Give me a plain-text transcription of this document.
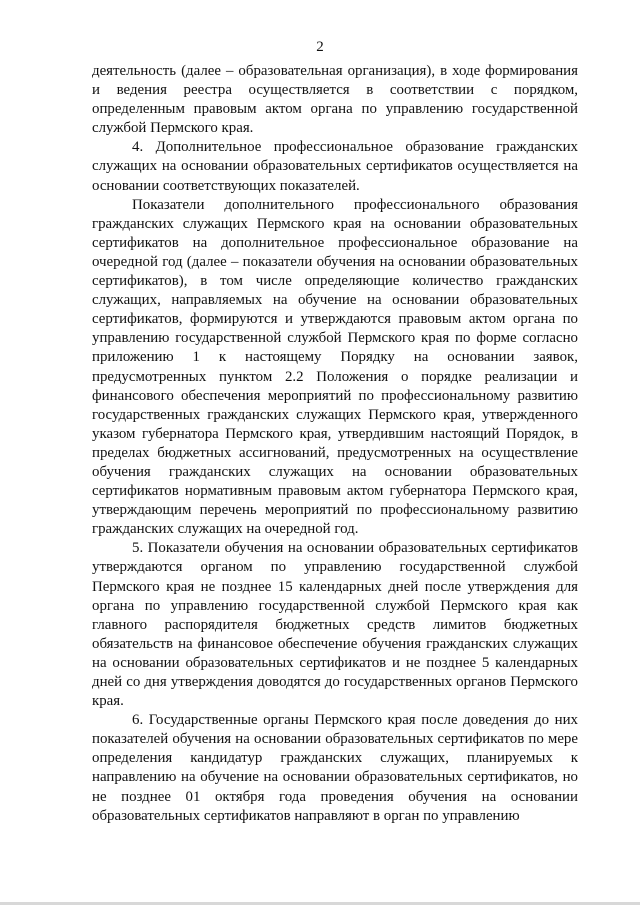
2

деятельность (далее – образовательная организация), в ходе формирования и ведения реестра осуществляется в соответствии с порядком, определенным правовым актом органа по управлению государственной службой Пермского края.

4. Дополнительное профессиональное образование гражданских служащих на основании образовательных сертификатов осуществляется на основании соответствующих показателей.

Показатели дополнительного профессионального образования гражданских служащих Пермского края на основании образовательных сертификатов на дополнительное профессиональное образование на очередной год (далее – показатели обучения на основании образовательных сертификатов), в том числе определяющие количество гражданских служащих, направляемых на обучение на основании образовательных сертификатов, формируются и утверждаются правовым актом органа по управлению государственной службой Пермского края по форме согласно приложению 1 к настоящему Порядку на основании заявок, предусмотренных пунктом 2.2 Положения о порядке реализации и финансового обеспечения мероприятий по профессиональному развитию государственных гражданских служащих Пермского края, утвержденного указом губернатора Пермского края, утвердившим настоящий Порядок, в пределах бюджетных ассигнований, предусмотренных на осуществление обучения гражданских служащих на основании образовательных сертификатов нормативным правовым актом губернатора Пермского края, утверждающим перечень мероприятий по профессиональному развитию гражданских служащих на очередной год.

5. Показатели обучения на основании образовательных сертификатов утверждаются органом по управлению государственной службой Пермского края не позднее 15 календарных дней после утверждения для органа по управлению государственной службой Пермского края как главного распорядителя бюджетных средств лимитов бюджетных обязательств на финансовое обеспечение обучения гражданских служащих на основании образовательных сертификатов и не позднее 5 календарных дней со дня утверждения доводятся до государственных органов Пермского края.

6. Государственные органы Пермского края после доведения до них показателей обучения на основании образовательных сертификатов по мере определения кандидатур гражданских служащих, планируемых к направлению на обучение на основании образовательных сертификатов, но не позднее 01 октября года проведения обучения на основании образовательных сертификатов направляют в орган по управлению
